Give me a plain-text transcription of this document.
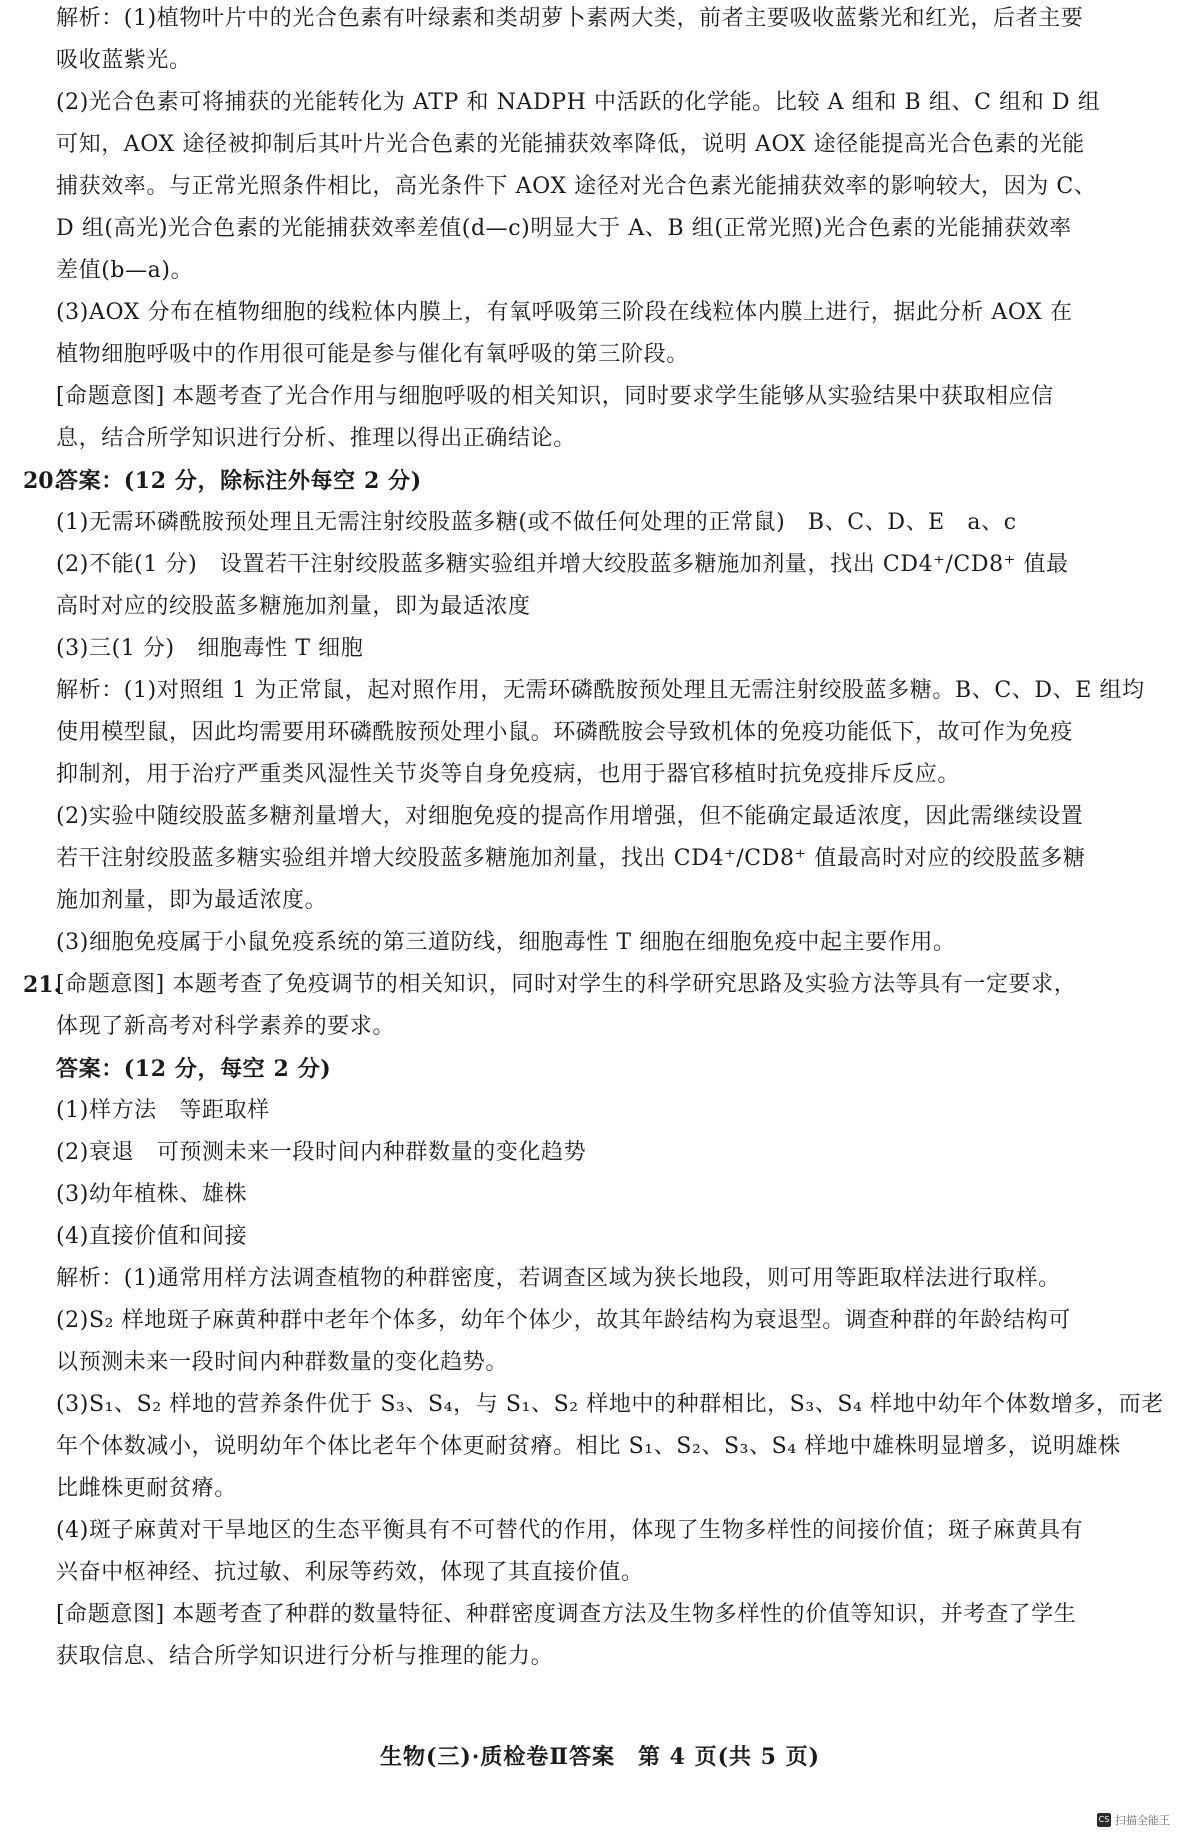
解析：(1)植物叶片中的光合色素有叶绿素和类胡萝卜素两大类，前者主要吸收蓝紫光和红光，后者主要
吸收蓝紫光。
(2)光合色素可将捕获的光能转化为 ATP 和 NADPH 中活跃的化学能。比较 A 组和 B 组、C 组和 D 组
可知，AOX 途径被抑制后其叶片光合色素的光能捕获效率降低，说明 AOX 途径能提高光合色素的光能
捕获效率。与正常光照条件相比，高光条件下 AOX 途径对光合色素光能捕获效率的影响较大，因为 C、
D 组(高光)光合色素的光能捕获效率差值(d—c)明显大于 A、B 组(正常光照)光合色素的光能捕获效率
差值(b—a)。
(3)AOX 分布在植物细胞的线粒体内膜上，有氧呼吸第三阶段在线粒体内膜上进行，据此分析 AOX 在
植物细胞呼吸中的作用很可能是参与催化有氧呼吸的第三阶段。
[命题意图] 本题考查了光合作用与细胞呼吸的相关知识，同时要求学生能够从实验结果中获取相应信
息，结合所学知识进行分析、推理以得出正确结论。
答案：(12 分，除标注外每空 2 分)
(1)无需环磷酰胺预处理且无需注射绞股蓝多糖(或不做任何处理的正常鼠)　B、C、D、E　a、c
(2)不能(1 分)　设置若干注射绞股蓝多糖实验组并增大绞股蓝多糖施加剂量，找出 CD4⁺/CD8⁺ 值最
高时对应的绞股蓝多糖施加剂量，即为最适浓度
(3)三(1 分)　细胞毒性 T 细胞
解析：(1)对照组 1 为正常鼠，起对照作用，无需环磷酰胺预处理且无需注射绞股蓝多糖。B、C、D、E 组均
使用模型鼠，因此均需要用环磷酰胺预处理小鼠。环磷酰胺会导致机体的免疫功能低下，故可作为免疫
抑制剂，用于治疗严重类风湿性关节炎等自身免疫病，也用于器官移植时抗免疫排斥反应。
(2)实验中随绞股蓝多糖剂量增大，对细胞免疫的提高作用增强，但不能确定最适浓度，因此需继续设置
若干注射绞股蓝多糖实验组并增大绞股蓝多糖施加剂量，找出 CD4⁺/CD8⁺ 值最高时对应的绞股蓝多糖
施加剂量，即为最适浓度。
(3)细胞免疫属于小鼠免疫系统的第三道防线，细胞毒性 T 细胞在细胞免疫中起主要作用。
[命题意图] 本题考查了免疫调节的相关知识，同时对学生的科学研究思路及实验方法等具有一定要求，
体现了新高考对科学素养的要求。
答案：(12 分，每空 2 分)
(1)样方法　等距取样
(2)衰退　可预测未来一段时间内种群数量的变化趋势
(3)幼年植株、雄株
(4)直接价值和间接
解析：(1)通常用样方法调查植物的种群密度，若调查区域为狭长地段，则可用等距取样法进行取样。
(2)S₂ 样地斑子麻黄种群中老年个体多，幼年个体少，故其年龄结构为衰退型。调查种群的年龄结构可
以预测未来一段时间内种群数量的变化趋势。
(3)S₁、S₂ 样地的营养条件优于 S₃、S₄，与 S₁、S₂ 样地中的种群相比，S₃、S₄ 样地中幼年个体数增多，而老
年个体数减小，说明幼年个体比老年个体更耐贫瘠。相比 S₁、S₂、S₃、S₄ 样地中雄株明显增多，说明雄株
比雌株更耐贫瘠。
(4)斑子麻黄对干旱地区的生态平衡具有不可替代的作用，体现了生物多样性的间接价值；斑子麻黄具有
兴奋中枢神经、抗过敏、利尿等药效，体现了其直接价值。
[命题意图] 本题考查了种群的数量特征、种群密度调查方法及生物多样性的价值等知识，并考查了学生
获取信息、结合所学知识进行分析与推理的能力。
20.
21.
生物(三)·质检卷Ⅱ答案　第 4 页(共 5 页)
CS 扫描全能王
